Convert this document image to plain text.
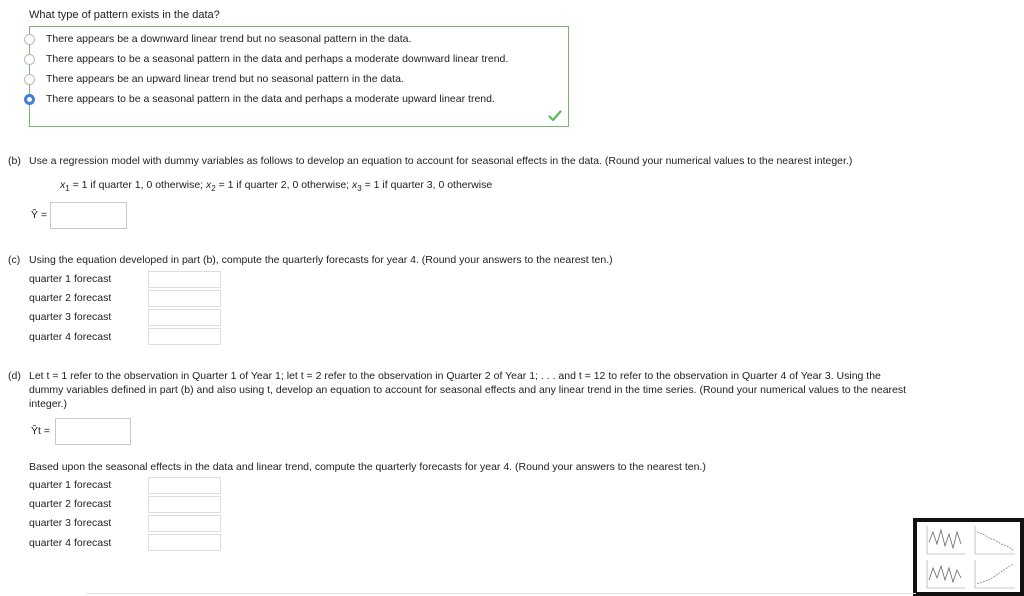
What type of pattern exists in the data?
There appears be a downward linear trend but no seasonal pattern in the data.
There appears to be a seasonal pattern in the data and perhaps a moderate downward linear trend.
There appears be an upward linear trend but no seasonal pattern in the data.
There appears to be a seasonal pattern in the data and perhaps a moderate upward linear trend.
(b) Use a regression model with dummy variables as follows to develop an equation to account for seasonal effects in the data. (Round your numerical values to the nearest integer.)
$x_1 = 1$ if quarter 1, 0 otherwise; $x_2 = 1$ if quarter 2, 0 otherwise; $x_3 = 1$ if quarter 3, 0 otherwise
Ŷ =
(c) Using the equation developed in part (b), compute the quarterly forecasts for year 4. (Round your answers to the nearest ten.)
quarter 1 forecast
quarter 2 forecast
quarter 3 forecast
quarter 4 forecast
(d) Let t = 1 refer to the observation in Quarter 1 of Year 1; let t = 2 refer to the observation in Quarter 2 of Year 1; . . . and t = 12 to refer to the observation in Quarter 4 of Year 3. Using the
dummy variables defined in part (b) and also using t, develop an equation to account for seasonal effects and any linear trend in the time series. (Round your numerical values to the nearest
integer.)
Ŷt =
Based upon the seasonal effects in the data and linear trend, compute the quarterly forecasts for year 4. (Round your answers to the nearest ten.)
quarter 1 forecast
quarter 2 forecast
quarter 3 forecast
quarter 4 forecast
